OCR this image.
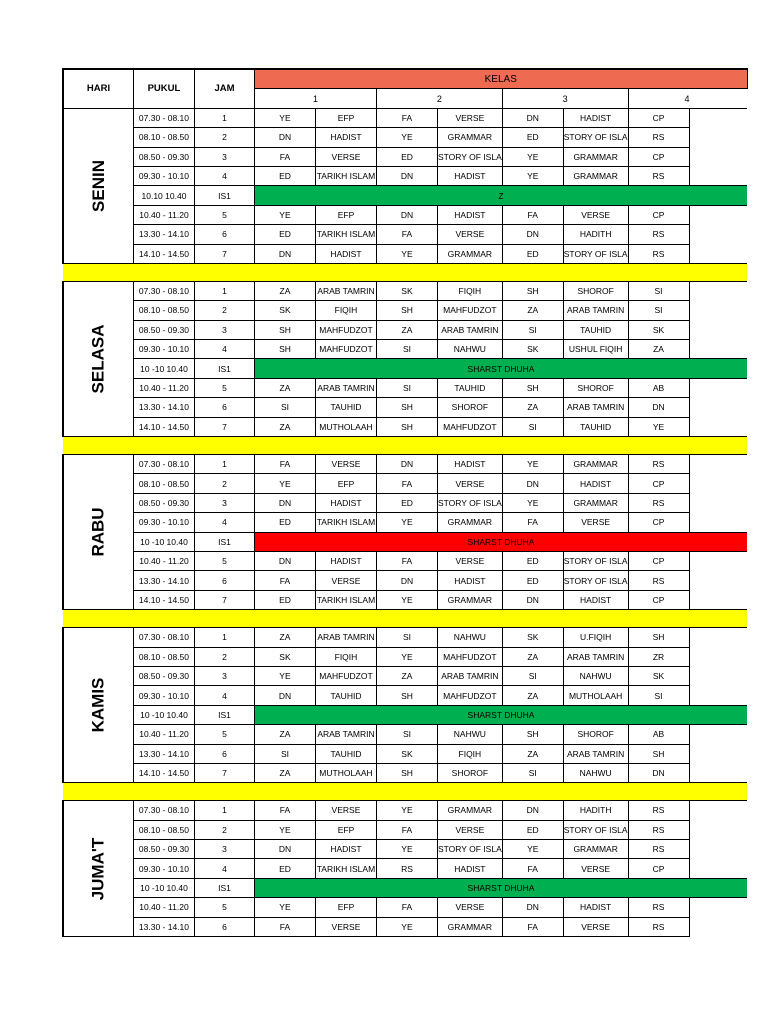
HARI	PUKUL	JAM	KELAS							
			1		2		3		4	
SENIN	07.30 - 08.10	1	YE	EFP	FA	VERSE	DN	HADIST	CP	
	08.10 - 08.50	2	DN	HADIST	YE	GRAMMAR	ED	STORY OF ISLA	RS	
	08.50 - 09.30	3	FA	VERSE	ED	STORY OF ISLA	YE	GRAMMAR	CP	
	09.30 - 10.10	4	ED	TARIKH ISLAM	DN	HADIST	YE	GRAMMAR	RS	
	10.10 10.40	IS1	Z							
	10.40 - 11.20	5	YE	EFP	DN	HADIST	FA	VERSE	CP	
	13.30 - 14.10	6	ED	TARIKH ISLAM	FA	VERSE	DN	HADITH	RS	
	14.10 - 14.50	7	DN	HADIST	YE	GRAMMAR	ED	STORY OF ISLA	RS	

SELASA	07.30 - 08.10	1	ZA	ARAB TAMRIN	SK	FIQIH	SH	SHOROF	SI	
	08.10 - 08.50	2	SK	FIQIH	SH	MAHFUDZOT	ZA	ARAB TAMRIN	SI	
	08.50 - 09.30	3	SH	MAHFUDZOT	ZA	ARAB TAMRIN	SI	TAUHID	SK	
	09.30 - 10.10	4	SH	MAHFUDZOT	SI	NAHWU	SK	USHUL FIQIH	ZA	
	10 -10 10.40	IS1	SHARST DHUHA							
	10.40 - 11.20	5	ZA	ARAB TAMRIN	SI	TAUHID	SH	SHOROF	AB	
	13.30 - 14.10	6	SI	TAUHID	SH	SHOROF	ZA	ARAB TAMRIN	DN	
	14.10 - 14.50	7	ZA	MUTHOLAAH	SH	MAHFUDZOT	SI	TAUHID	YE	

RABU	07.30 - 08.10	1	FA	VERSE	DN	HADIST	YE	GRAMMAR	RS	
	08.10 - 08.50	2	YE	EFP	FA	VERSE	DN	HADIST	CP	
	08.50 - 09.30	3	DN	HADIST	ED	STORY OF ISLA	YE	GRAMMAR	RS	
	09.30 - 10.10	4	ED	TARIKH ISLAM	YE	GRAMMAR	FA	VERSE	CP	
	10 -10 10.40	IS1	SHARST DHUHA							
	10.40 - 11.20	5	DN	HADIST	FA	VERSE	ED	STORY OF ISLA	CP	
	13.30 - 14.10	6	FA	VERSE	DN	HADIST	ED	STORY OF ISLA	RS	
	14.10 - 14.50	7	ED	TARIKH ISLAM	YE	GRAMMAR	DN	HADIST	CP	

KAMIS	07.30 - 08.10	1	ZA	ARAB TAMRIN	SI	NAHWU	SK	U.FIQIH	SH	
	08.10 - 08.50	2	SK	FIQIH	YE	MAHFUDZOT	ZA	ARAB TAMRIN	ZR	
	08.50 - 09.30	3	YE	MAHFUDZOT	ZA	ARAB TAMRIN	SI	NAHWU	SK	
	09.30 - 10.10	4	DN	TAUHID	SH	MAHFUDZOT	ZA	MUTHOLAAH	SI	
	10 -10 10.40	IS1	SHARST DHUHA							
	10.40 - 11.20	5	ZA	ARAB TAMRIN	SI	NAHWU	SH	SHOROF	AB	
	13.30 - 14.10	6	SI	TAUHID	SK	FIQIH	ZA	ARAB TAMRIN	SH	
	14.10 - 14.50	7	ZA	MUTHOLAAH	SH	SHOROF	SI	NAHWU	DN	

JUMA'T	07.30 - 08.10	1	FA	VERSE	YE	GRAMMAR	DN	HADITH	RS	
	08.10 - 08.50	2	YE	EFP	FA	VERSE	ED	STORY OF ISLA	RS	
	08.50 - 09.30	3	DN	HADIST	YE	STORY OF ISLA	YE	GRAMMAR	RS	
	09.30 - 10.10	4	ED	TARIKH ISLAM	RS	HADIST	FA	VERSE	CP	
	10 -10 10.40	IS1	SHARST DHUHA							
	10.40 - 11.20	5	YE	EFP	FA	VERSE	DN	HADIST	RS	
	13.30 - 14.10	6	FA	VERSE	YE	GRAMMAR	FA	VERSE	RS	
